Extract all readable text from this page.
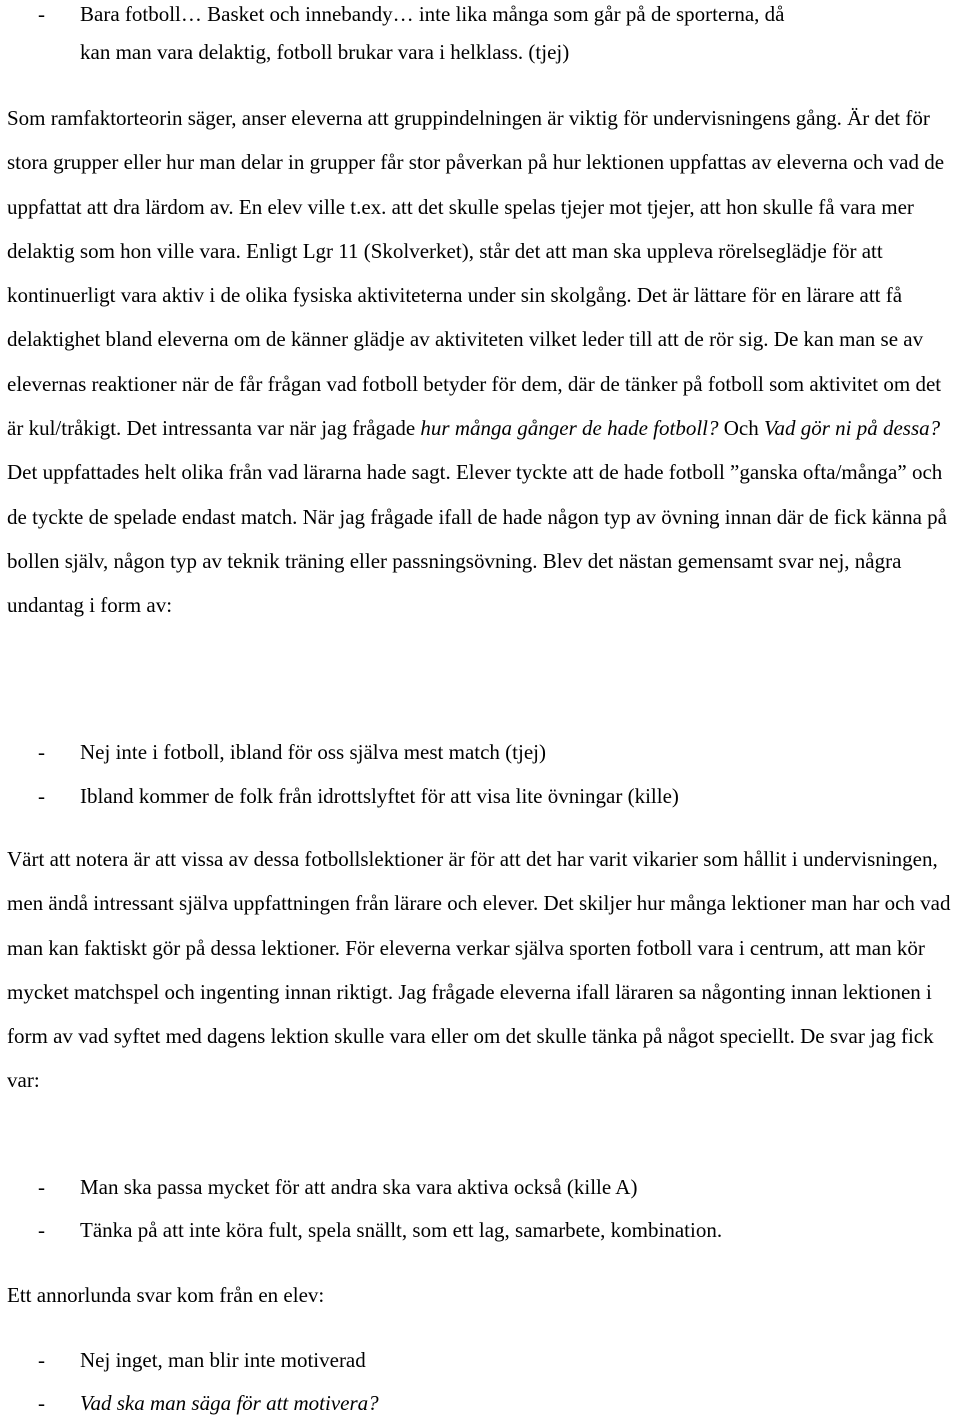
- Bara fotboll… Basket och innebandy… inte lika många som går på de sporterna, då
kan man vara delaktig, fotboll brukar vara i helklass. (tjej)

Som ramfaktorteorin säger, anser eleverna att gruppindelningen är viktig för undervisningens gång. Är det för stora grupper eller hur man delar in grupper får stor påverkan på hur lektionen uppfattas av eleverna och vad de uppfattat att dra lärdom av. En elev ville t.ex. att det skulle spelas tjejer mot tjejer, att hon skulle få vara mer delaktig som hon ville vara. Enligt Lgr 11 (Skolverket), står det att man ska uppleva rörelseglädje för att kontinuerligt vara aktiv i de olika fysiska aktiviteterna under sin skolgång. Det är lättare för en lärare att få delaktighet bland eleverna om de känner glädje av aktiviteten vilket leder till att de rör sig. De kan man se av elevernas reaktioner när de får frågan vad fotboll betyder för dem, där de tänker på fotboll som aktivitet om det är kul/tråkigt. Det intressanta var när jag frågade hur många gånger de hade fotboll? Och Vad gör ni på dessa? Det uppfattades helt olika från vad lärarna hade sagt. Elever tyckte att de hade fotboll ”ganska ofta/många” och de tyckte de spelade endast match. När jag frågade ifall de hade någon typ av övning innan där de fick känna på bollen själv, någon typ av teknik träning eller passningsövning. Blev det nästan gemensamt svar nej, några undantag i form av:

- Nej inte i fotboll, ibland för oss själva mest match (tjej)
- Ibland kommer de folk från idrottslyftet för att visa lite övningar (kille)

Värt att notera är att vissa av dessa fotbollslektioner är för att det har varit vikarier som hållit i undervisningen, men ändå intressant själva uppfattningen från lärare och elever. Det skiljer hur många lektioner man har och vad man kan faktiskt gör på dessa lektioner. För eleverna verkar själva sporten fotboll vara i centrum, att man kör mycket matchspel och ingenting innan riktigt. Jag frågade eleverna ifall läraren sa någonting innan lektionen i form av vad syftet med dagens lektion skulle vara eller om det skulle tänka på något speciellt. De svar jag fick var:

- Man ska passa mycket för att andra ska vara aktiva också (kille A)
- Tänka på att inte köra fult, spela snällt, som ett lag, samarbete, kombination.
Ett annorlunda svar kom från en elev:
- Nej inget, man blir inte motiverad
- Vad ska man säga för att motivera?
